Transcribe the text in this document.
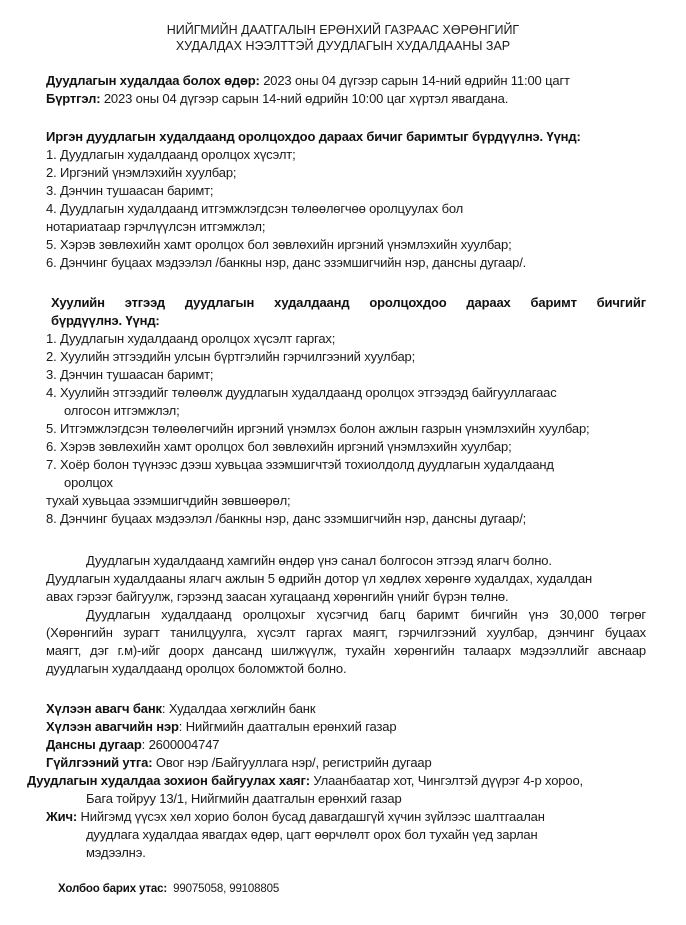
НИЙГМИЙН ДААТГАЛЫН ЕРӨНХИЙ ГАЗРААС ХӨРӨНГИЙГ
ХУДАЛДАХ НЭЭЛТТЭЙ ДУУДЛАГЫН ХУДАЛДААНЫ ЗАР
Дуудлагын худалдаа болох өдөр: 2023 оны 04 дүгээр сарын 14-ний өдрийн 11:00 цагт
Бүртгэл: 2023 оны 04 дүгээр сарын 14-ний өдрийн 10:00 цаг хүртэл явагдана.
Иргэн дуудлагын худалдаанд оролцохдоо дараах бичиг баримтыг бүрдүүлнэ. Үүнд:
1. Дуудлагын худалдаанд оролцох хүсэлт;
2. Иргэний үнэмлэхийн хуулбар;
3. Дэнчин тушаасан баримт;
4. Дуудлагын худалдаанд итгэмжлэгдсэн төлөөлөгчөө оролцуулах бол
нотариатаар гэрчлүүлсэн итгэмжлэл;
5. Хэрэв зөвлөхийн хамт оролцох бол зөвлөхийн иргэний үнэмлэхийн хуулбар;
6. Дэнчинг буцаах мэдээлэл /банкны нэр, данс эзэмшигчийн нэр, дансны дугаар/.
Хуулийн этгээд дуудлагын худалдаанд оролцохдоо дараах баримт бичгийг
бүрдүүлнэ. Үүнд:
1. Дуудлагын худалдаанд оролцох хүсэлт гаргах;
2. Хуулийн этгээдийн улсын бүртгэлийн гэрчилгээний хуулбар;
3. Дэнчин тушаасан баримт;
4. Хуулийн этгээдийг төлөөлж дуудлагын худалдаанд оролцох этгээдэд байгууллагаас
олгосон итгэмжлэл;
5. Итгэмжлэгдсэн төлөөлөгчийн иргэний үнэмлэх болон ажлын газрын үнэмлэхийн хуулбар;
6. Хэрэв зөвлөхийн хамт оролцох бол зөвлөхийн иргэний үнэмлэхийн хуулбар;
7. Хоёр болон түүнээс дээш хувьцаа эзэмшигчтэй тохиолдолд дуудлагын худалдаанд
оролцох
тухай хувьцаа эзэмшигчдийн зөвшөөрөл;
8. Дэнчинг буцаах мэдээлэл /банкны нэр, данс эзэмшигчийн нэр, дансны дугаар/;
Дуудлагын худалдаанд хамгийн өндөр үнэ санал болгосон этгээд ялагч болно.
Дуудлагын худалдааны ялагч ажлын 5 өдрийн дотор үл хөдлөх хөрөнгө худалдах, худалдан
авах гэрээг байгуулж, гэрээнд заасан хугацаанд хөрөнгийн үнийг бүрэн төлнө.
Дуудлагын худалдаанд оролцохыг хүсэгчид багц баримт бичгийн үнэ 30,000 төгрөг
(Хөрөнгийн зурагт танилцуулга, хүсэлт гаргах маягт, гэрчилгээний хуулбар, дэнчинг буцаах
маягт, дэг г.м)-ийг доорх дансанд шилжүүлж, тухайн хөрөнгийн талаарх мэдээллийг авснаар
дуудлагын худалдаанд оролцох боломжтой болно.
Хүлээн авагч банк: Худалдаа хөгжлийн банк
Хүлээн авагчийн нэр: Нийгмийн даатгалын ерөнхий газар
Дансны дугаар: 2600004747
Гүйлгээний утга: Овог нэр /Байгууллага нэр/, регистрийн дугаар
Дуудлагын худалдаа зохион байгуулах хаяг: Улаанбаатар хот, Чингэлтэй дүүрэг 4-р хороо,
Бага тойруу 13/1, Нийгмийн даатгалын ерөнхий газар
Жич: Нийгэмд үүсэх хөл хорио болон бусад давагдашгүй хүчин зүйлээс шалтгаалан
дуудлага худалдаа явагдах өдөр, цагт өөрчлөлт орох бол тухайн үед зарлан
мэдээлнэ.
Холбоо барих утас:  99075058, 99108805
